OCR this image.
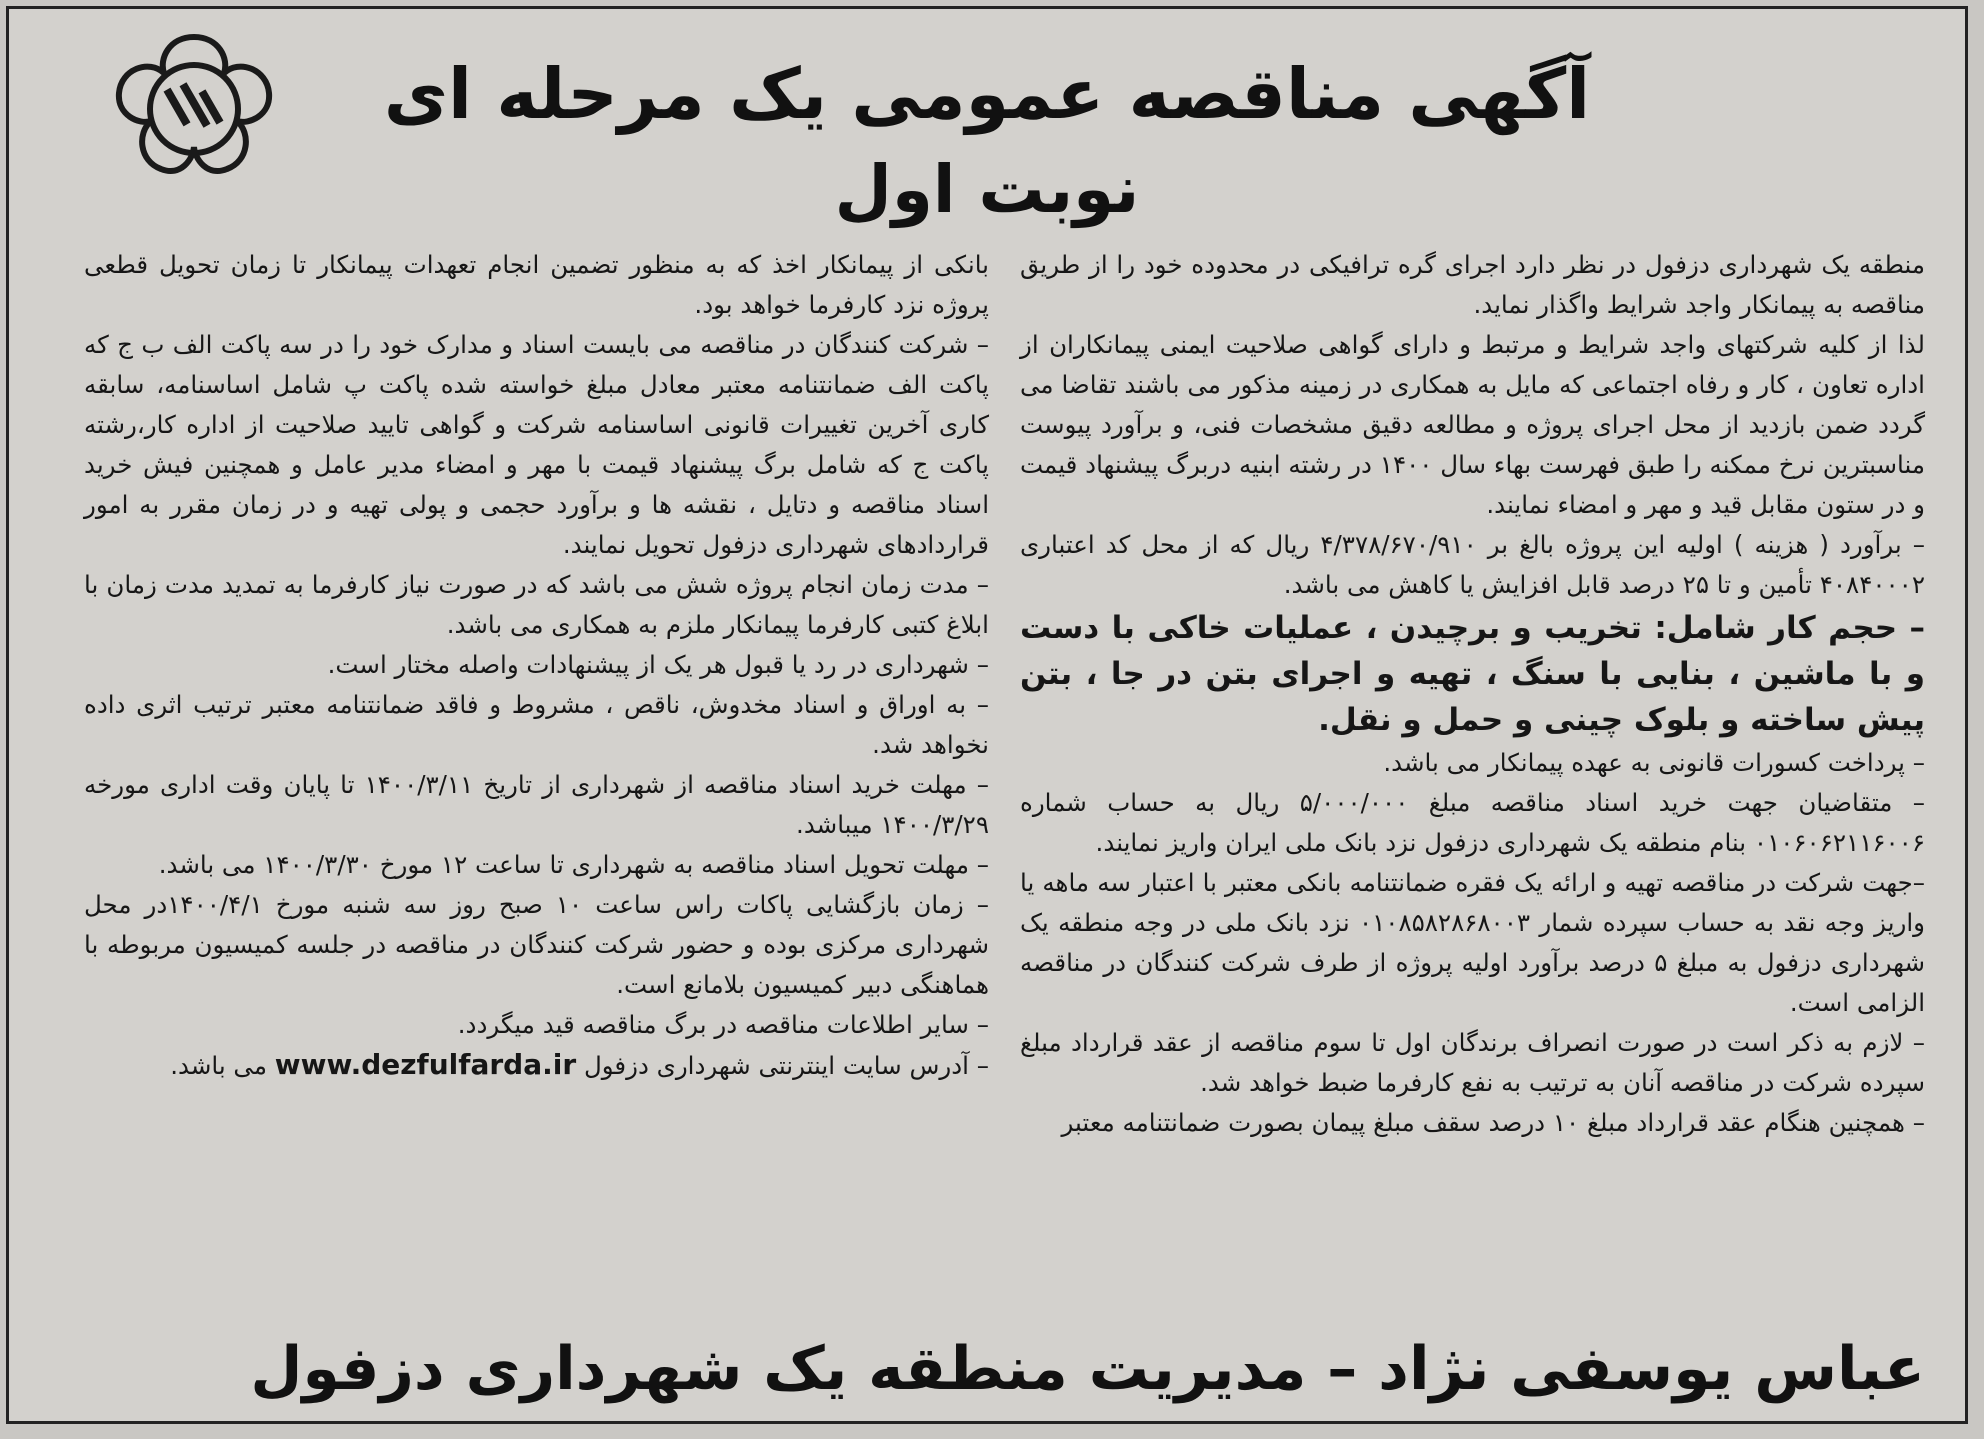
آگهی مناقصه عمومی یک مرحله ای
نوبت اول

منطقه یک شهرداری دزفول در نظر دارد اجرای گره ترافیکی در محدوده خود را از طریق مناقصه به پیمانکار واجد شرایط واگذار نماید.

لذا از کلیه شرکتهای واجد شرایط و مرتبط و دارای گواهی صلاحیت ایمنی پیمانکاران از اداره تعاون ، کار و رفاه اجتماعی که مایل به همکاری در زمینه مذکور می باشند تقاضا می گردد ضمن بازدید از محل اجرای پروژه و مطالعه دقیق مشخصات فنی، و برآورد پیوست مناسبترین نرخ ممکنه را طبق فهرست بهاء سال ۱۴۰۰ در رشته ابنیه دربرگ پیشنهاد قیمت و در ستون مقابل قید و مهر و امضاء نمایند.

– برآورد ( هزینه ) اولیه این پروژه بالغ بر ۴/۳۷۸/۶۷۰/۹۱۰ ریال که از محل کد اعتباری ۴۰۸۴۰۰۰۲ تأمین و تا ۲۵ درصد قابل افزایش یا کاهش می باشد.

– حجم کار شامل: تخریب و برچیدن ، عملیات خاکی با دست و با ماشین ، بنایی با سنگ ، تهیه و اجرای بتن در جا ، بتن پیش ساخته و بلوک چینی و حمل و نقل.

– پرداخت کسورات قانونی به عهده پیمانکار می باشد.

– متقاضیان جهت خرید اسناد مناقصه مبلغ ۵/۰۰۰/۰۰۰ ریال به حساب شماره ۰۱۰۶۰۶۲۱۱۶۰۰۶ بنام منطقه یک شهرداری دزفول نزد بانک ملی ایران واریز نمایند.

–جهت شرکت در مناقصه تهیه و ارائه یک فقره ضمانتنامه بانکی معتبر با اعتبار سه ماهه یا واریز وجه نقد به حساب سپرده شمار ۰۱۰۸۵۸۲۸۶۸۰۰۳ نزد بانک ملی در وجه منطقه یک شهرداری دزفول به مبلغ ۵ درصد برآورد اولیه پروژه از طرف شرکت کنندگان در مناقصه الزامی است.

– لازم به ذکر است در صورت انصراف برندگان اول تا سوم مناقصه از عقد قرارداد مبلغ سپرده شرکت در مناقصه آنان به ترتیب به نفع کارفرما ضبط خواهد شد.

– همچنین هنگام عقد قرارداد مبلغ ۱۰ درصد سقف مبلغ پیمان بصورت ضمانتنامه معتبر

بانکی از پیمانکار اخذ که به منظور تضمین انجام تعهدات پیمانکار تا زمان تحویل قطعی پروژه نزد کارفرما خواهد بود.

– شرکت کنندگان در مناقصه می بایست اسناد و مدارک خود را در سه پاکت الف ب ج که پاکت الف ضمانتنامه معتبر معادل مبلغ خواسته شده پاکت پ شامل اساسنامه، سابقه کاری آخرین تغییرات قانونی اساسنامه شرکت و گواهی تایید صلاحیت از اداره کار،رشته پاکت ج که شامل برگ پیشنهاد قیمت با مهر و امضاء مدیر عامل و همچنین فیش خرید اسناد مناقصه و دتایل ، نقشه ها و برآورد حجمی و پولی تهیه و در زمان مقرر به امور قراردادهای شهرداری دزفول تحویل نمایند.

– مدت زمان انجام پروژه شش می باشد که در صورت نیاز کارفرما به تمدید مدت زمان با ابلاغ کتبی کارفرما پیمانکار ملزم به همکاری می باشد.

– شهرداری در رد یا قبول هر یک از پیشنهادات واصله مختار است.

– به اوراق و اسناد مخدوش، ناقص ، مشروط و فاقد ضمانتنامه معتبر ترتیب اثری داده نخواهد شد.

– مهلت خرید اسناد مناقصه از شهرداری از تاریخ ۱۴۰۰/۳/۱۱ تا پایان وقت اداری مورخه ۱۴۰۰/۳/۲۹ میباشد.

– مهلت تحویل اسناد مناقصه به شهرداری تا ساعت ۱۲ مورخ ۱۴۰۰/۳/۳۰ می باشد.

– زمان بازگشایی پاکات راس ساعت ۱۰ صبح روز سه شنبه مورخ ۱۴۰۰/۴/۱در محل شهرداری مرکزی بوده و حضور شرکت کنندگان در مناقصه در جلسه کمیسیون مربوطه با هماهنگی دبیر کمیسیون بلامانع است.

– سایر اطلاعات مناقصه در برگ مناقصه قید میگردد.

– آدرس سایت اینترنتی شهرداری دزفول www.dezfulfarda.ir می باشد.

عباس یوسفی نژاد – مدیریت منطقه یک شهرداری دزفول
